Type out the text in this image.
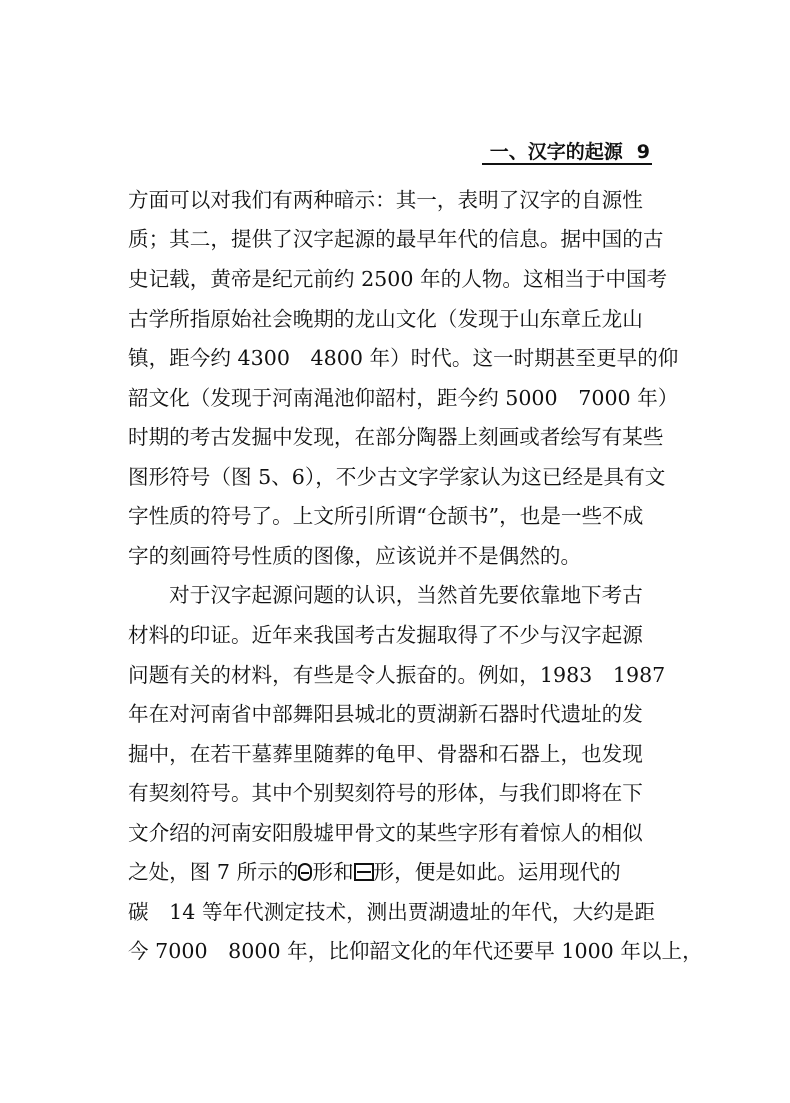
一、汉字的起源 9
方面可以对我们有两种暗示：其一，表明了汉字的自源性
质；其二，提供了汉字起源的最早年代的信息。据中国的古
史记载，黄帝是纪元前约 2500 年的人物。这相当于中国考
古学所指原始社会晚期的龙山文化（发现于山东章丘龙山
镇，距今约 4300　4800 年）时代。这一时期甚至更早的仰
韶文化（发现于河南渑池仰韶村，距今约 5000　7000 年）
时期的考古发掘中发现，在部分陶器上刻画或者绘写有某些
图形符号（图 5、6），不少古文字学家认为这已经是具有文
字性质的符号了。上文所引所谓“仓颉书”，也是一些不成
字的刻画符号性质的图像，应该说并不是偶然的。
　　对于汉字起源问题的认识，当然首先要依靠地下考古
材料的印证。近年来我国考古发掘取得了不少与汉字起源
问题有关的材料，有些是令人振奋的。例如，1983　1987
年在对河南省中部舞阳县城北的贾湖新石器时代遗址的发
掘中，在若干墓葬里随葬的龟甲、骨器和石器上，也发现
有契刻符号。其中个别契刻符号的形体，与我们即将在下
文介绍的河南安阳殷墟甲骨文的某些字形有着惊人的相似
之处，图 7 所示的 形和 形，便是如此。运用现代的
碳　14 等年代测定技术，测出贾湖遗址的年代，大约是距
今 7000　8000 年，比仰韶文化的年代还要早 1000 年以上，
